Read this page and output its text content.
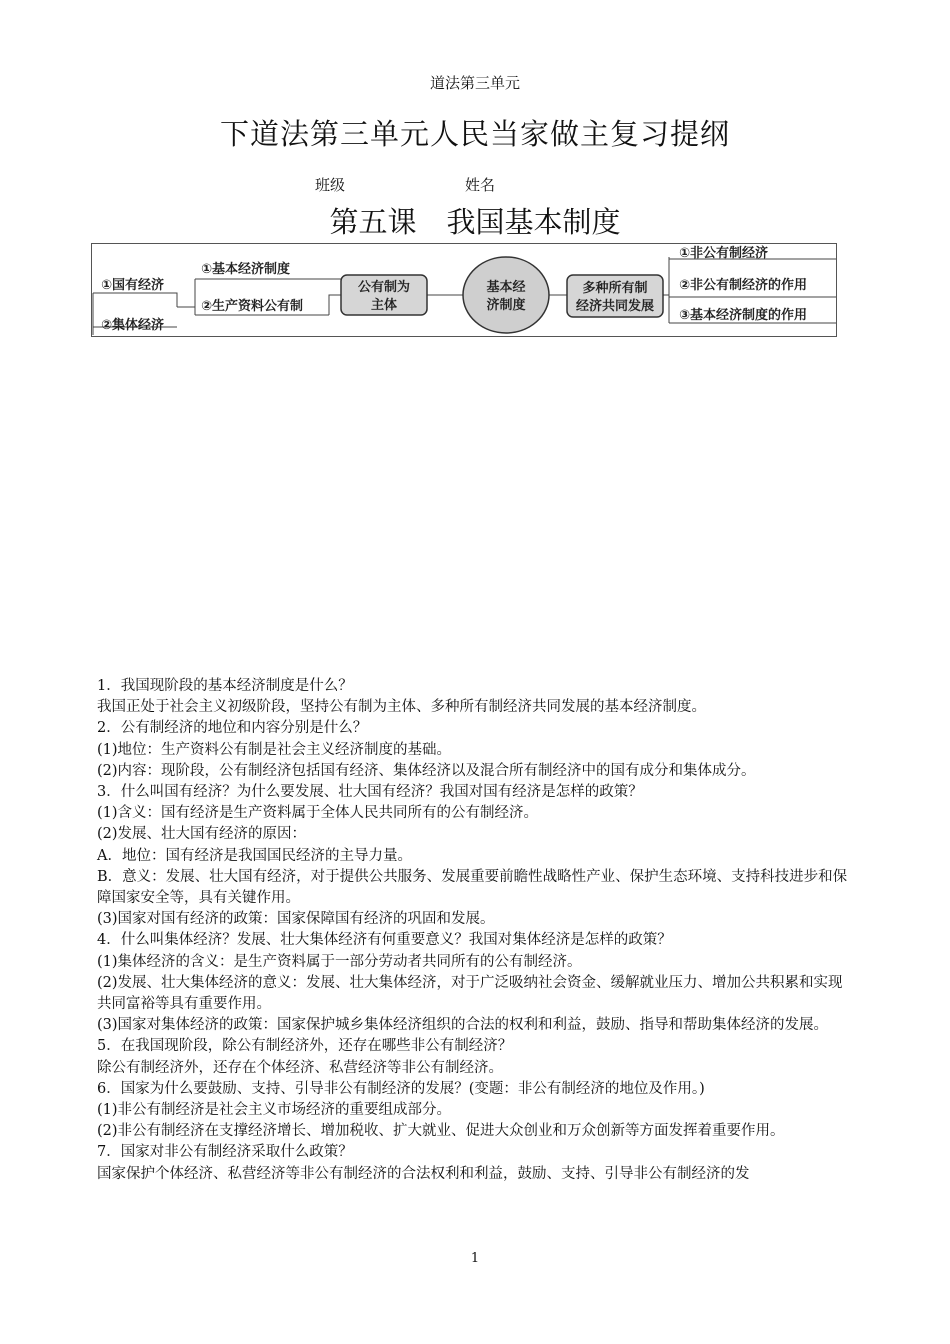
道法第三单元
下道法第三单元人民当家做主复习提纲
班级	姓名
第五课 我国基本制度
公有制为
主体
基本经
济制度
多种所有制
经济共同发展
①基本经济制度
②生产资料公有制
①国有经济
②集体经济
①非公有制经济
②非公有制经济的作用
③基本经济制度的作用

1．我国现阶段的基本经济制度是什么？

我国正处于社会主义初级阶段，坚持公有制为主体、多种所有制经济共同发展的基本经济制度。

2．公有制经济的地位和内容分别是什么？

(1)地位：生产资料公有制是社会主义经济制度的基础。

(2)内容：现阶段，公有制经济包括国有经济、集体经济以及混合所有制经济中的国有成分和集体成分。

3．什么叫国有经济？为什么要发展、壮大国有经济？我国对国有经济是怎样的政策？

(1)含义：国有经济是生产资料属于全体人民共同所有的公有制经济。

(2)发展、壮大国有经济的原因：

A．地位：国有经济是我国国民经济的主导力量。

B．意义：发展、壮大国有经济，对于提供公共服务、发展重要前瞻性战略性产业、保护生态环境、支持科技进步和保障国家安全等，具有关键作用。

(3)国家对国有经济的政策：国家保障国有经济的巩固和发展。

4．什么叫集体经济？发展、壮大集体经济有何重要意义？我国对集体经济是怎样的政策？

(1)集体经济的含义：是生产资料属于一部分劳动者共同所有的公有制经济。

(2)发展、壮大集体经济的意义：发展、壮大集体经济，对于广泛吸纳社会资金、缓解就业压力、增加公共积累和实现共同富裕等具有重要作用。

(3)国家对集体经济的政策：国家保护城乡集体经济组织的合法的权利和利益，鼓励、指导和帮助集体经济的发展。

5．在我国现阶段，除公有制经济外，还存在哪些非公有制经济？

除公有制经济外，还存在个体经济、私营经济等非公有制经济。

6．国家为什么要鼓励、支持、引导非公有制经济的发展？(变题：非公有制经济的地位及作用。)

(1)非公有制经济是社会主义市场经济的重要组成部分。

(2)非公有制经济在支撑经济增长、增加税收、扩大就业、促进大众创业和万众创新等方面发挥着重要作用。

7．国家对非公有制经济采取什么政策？

国家保护个体经济、私营经济等非公有制经济的合法权利和利益，鼓励、支持、引导非公有制经济的发

1
